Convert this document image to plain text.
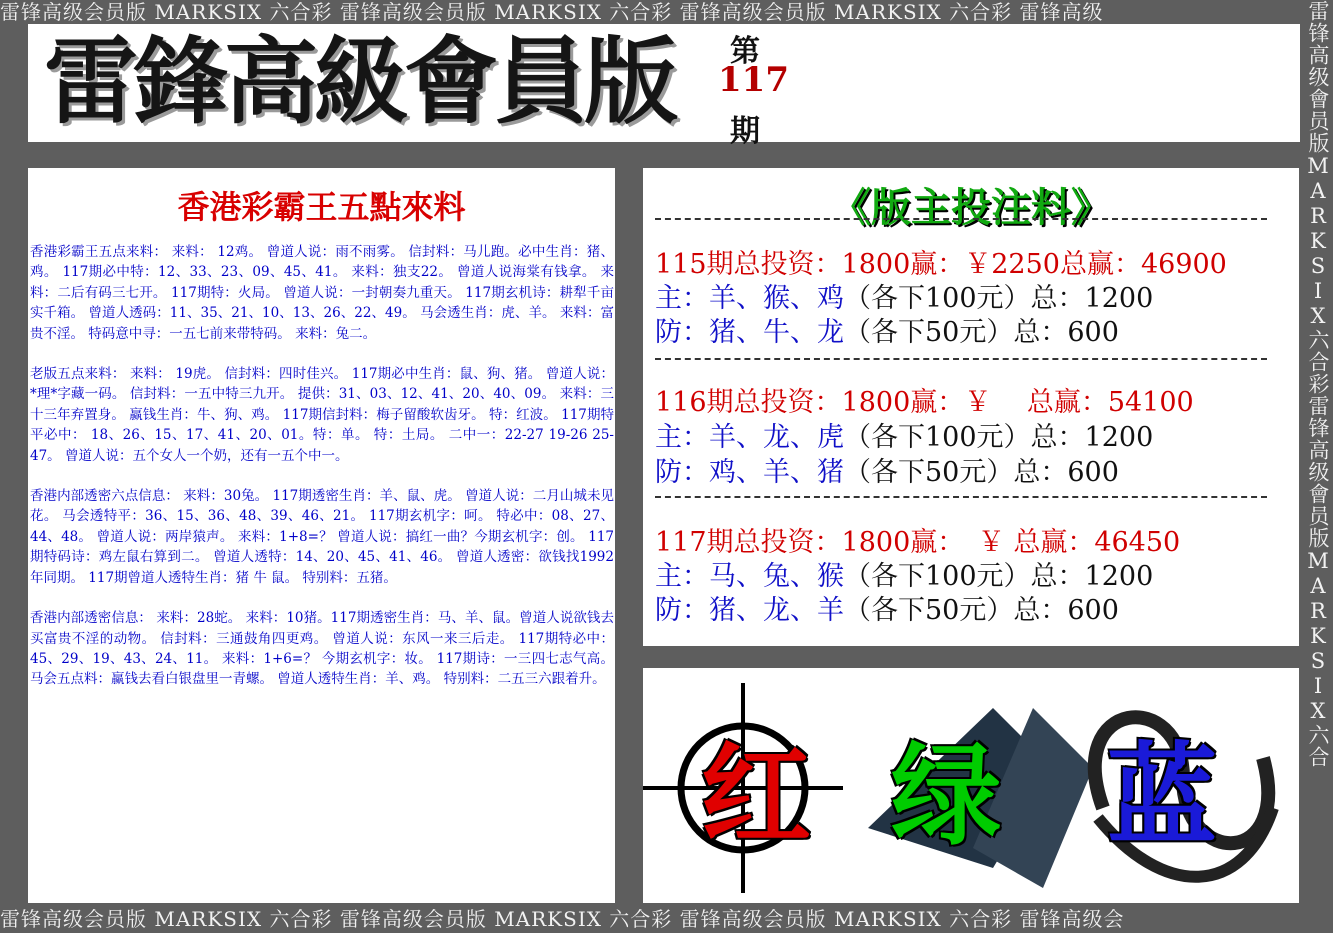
雷锋高级会员版 MARKSIX 六合彩 雷锋高级会员版 MARKSIX 六合彩 雷锋高级会员版 MARKSIX 六合彩 雷锋高级	雷锋高级會员版MARKSIX六合彩雷锋高级會员版MARKSIX六合
雷锋高级会员版 MARKSIX 六合彩 雷锋高级会员版 MARKSIX 六合彩 雷锋高级会员版 MARKSIX 六合彩 雷锋高级会
雷鋒高級會員版 第
117
期
香港彩霸王五點來料

香港彩霸王五点来料： 来料： 12鸡。 曾道人说：雨不雨雾。 信封料：马儿跑。必中生肖：猪、鸡。 117期必中特：12、33、23、09、45、41。 来料：独支22。 曾道人说海棠有钱拿。 来料：二后有码三七开。 117期特：火局。 曾道人说：一封朝奏九重天。 117期玄机诗：耕犁千亩实千箱。 曾道人透码：11、35、21、10、13、26、22、49。 马会透生肖：虎、羊。 来料：富贵不淫。 特码意中寻：一五七前来带特码。 来料：兔二。

老版五点来料： 来料： 19虎。 信封料：四时佳兴。 117期必中生肖：鼠、狗、猪。 曾道人说：*理*字藏一码。 信封料：一五中特三九开。 提供：31、03、12、41、20、40、09。 来料：三十三年弃置身。 赢钱生肖：牛、狗、鸡。 117期信封料：梅子留酸软齿牙。 特：红波。 117期特平必中： 18、26、15、17、41、20、01。特：单。 特：土局。 二中一：22-27 19-26 25-47。 曾道人说：五个女人一个奶，还有一五个中一。

香港内部透密六点信息： 来料：30兔。 117期透密生肖：羊、鼠、虎。 曾道人说：二月山城未见花。 马会透特平：36、15、36、48、39、46、21。 117期玄机字：呵。 特必中：08、27、44、48。 曾道人说：两岸猿声。 来料：1+8=？ 曾道人说：搞红一曲？今期玄机字：创。 117期特码诗：鸡左鼠右算到二。 曾道人透特：14、20、45、41、46。 曾道人透密：欲钱找1992年同期。 117期曾道人透特生肖：猪 牛 鼠。 特别料：五猪。

香港内部透密信息： 来料：28蛇。 来料：10猪。117期透密生肖：马、羊、鼠。曾道人说欲钱去买富贵不淫的动物。 信封料：三通鼓角四更鸡。 曾道人说：东风一来三后走。 117期特必中：45、29、19、43、24、11。 来料：1+6=？ 今期玄机字：妆。 117期诗：一三四七志气高。 马会五点料：赢钱去看白银盘里一青螺。 曾道人透特生肖：羊、鸡。 特别料：二五三六跟着升。

《版主投注料》
115期总投资：1800赢：￥2250总赢：46900
主：羊、猴、鸡（各下100元）总：1200
防：猪、牛、龙（各下50元）总：600
116期总投资：1800赢：￥　 总赢：54100
主：羊、龙、虎（各下100元）总：1200
防：鸡、羊、猪（各下50元）总：600
117期总投资：1800赢：　￥ 总赢：46450
主：马、兔、猴（各下100元）总：1200
防：猪、龙、羊（各下50元）总：600
红 绿 蓝
